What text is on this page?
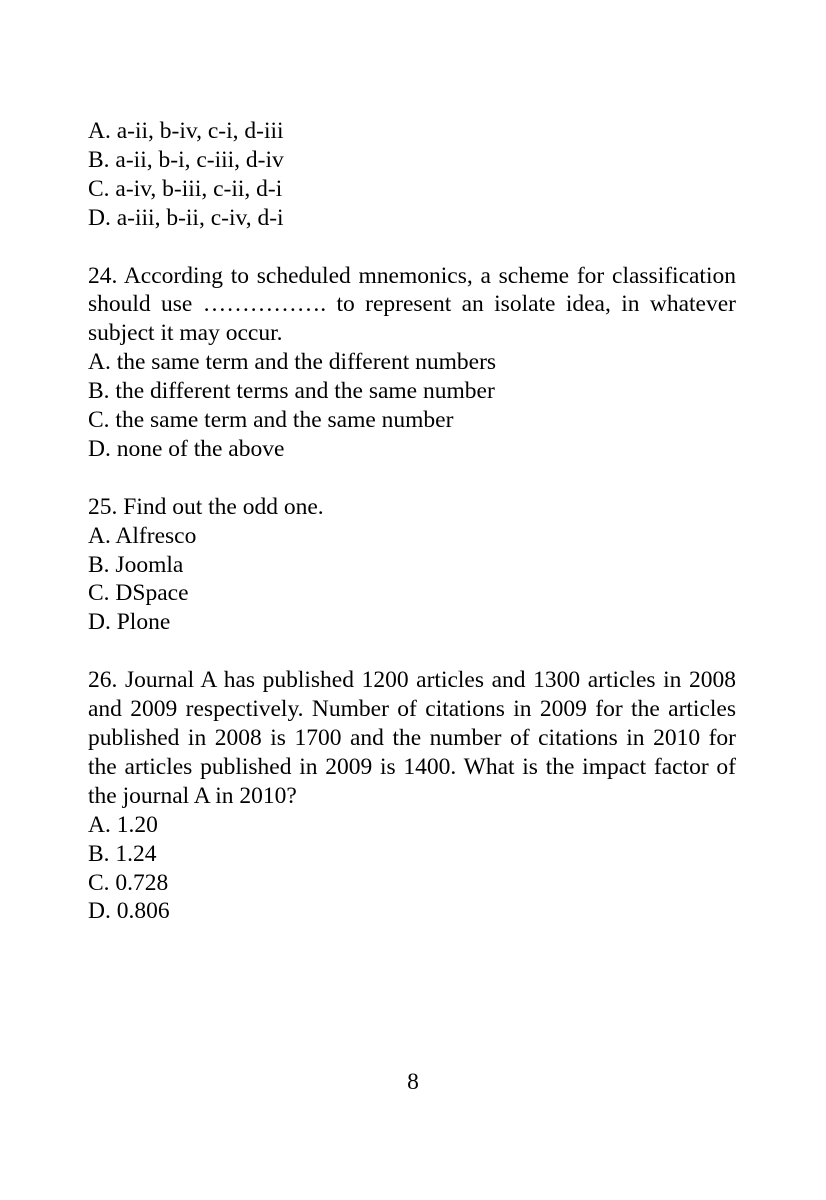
A. a-ii, b-iv, c-i, d-iii

B. a-ii, b-i, c-iii, d-iv

C. a-iv, b-iii, c-ii, d-i

D. a-iii, b-ii, c-iv, d-i

24. According to scheduled mnemonics, a scheme for classification should use ……………. to represent an isolate idea, in whatever subject it may occur.

A. the same term and the different numbers

B. the different terms and the same number

C. the same term and the same number

D. none of the above

25. Find out the odd one.

A. Alfresco

B. Joomla

C. DSpace

D. Plone

26. Journal A has published 1200 articles and 1300 articles in 2008 and 2009 respectively. Number of citations in 2009 for the articles published in 2008 is 1700 and the number of citations in 2010 for the articles published in 2009 is 1400. What is the impact factor of the journal A in 2010?

A. 1.20

B. 1.24

C. 0.728

D. 0.806

8
